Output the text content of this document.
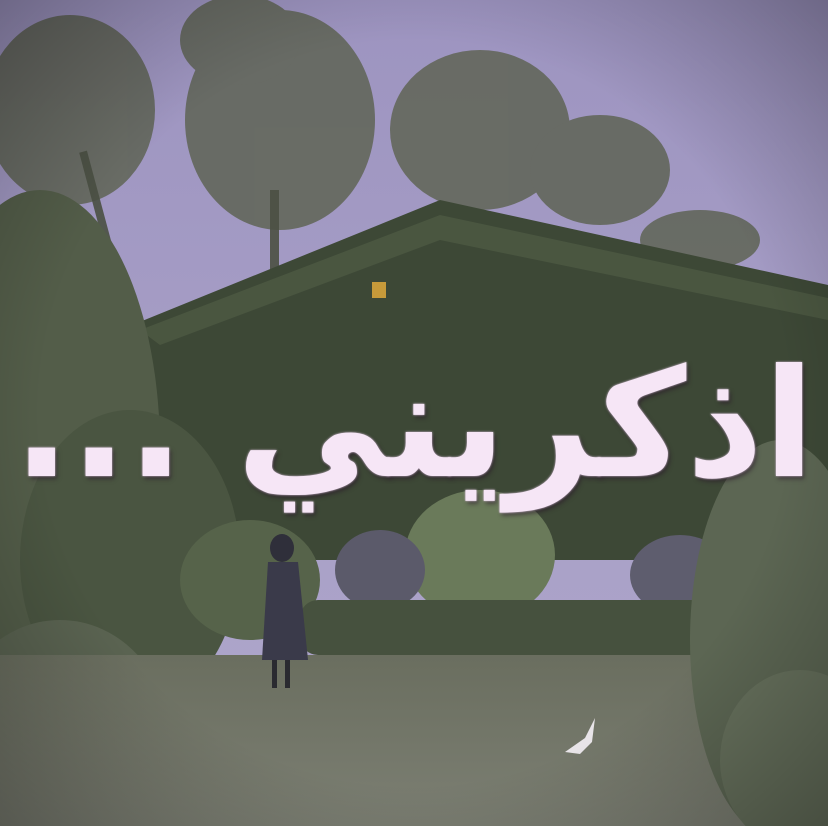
اذكريني ...
